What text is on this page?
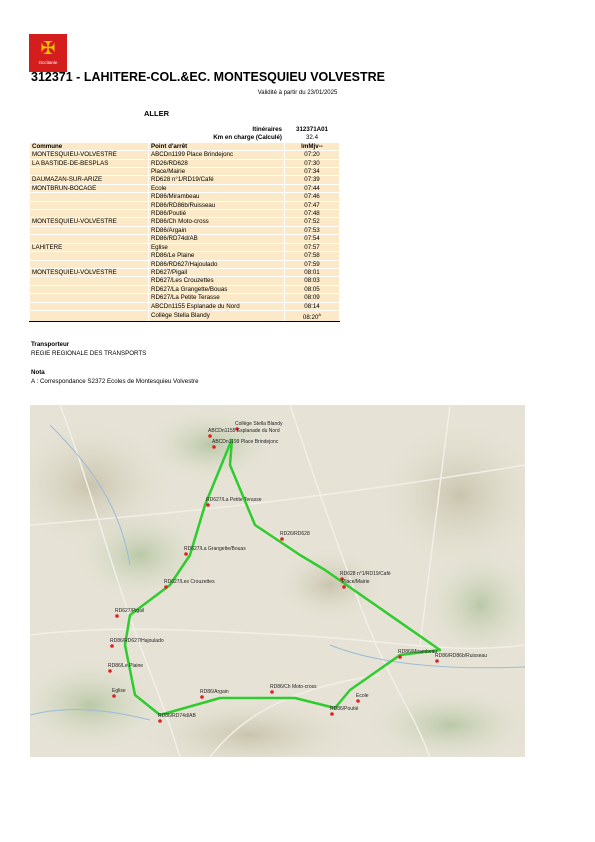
✠
Occitanie
312371 - LAHITERE-COL.&EC. MONTESQUIEU VOLVESTRE
Validité à partir du 23/01/2025
ALLER
	Itinéraires	312371A01
	Km en charge (Calculé)	32.4
Commune	Point d'arrêt	lmMjv--
MONTESQUIEU-VOLVESTRE	ABCDn1199 Place Brindejonc	07:20
LA BASTIDE-DE-BESPLAS	RD26/RD628	07:30
	Place/Mairie	07:34
DAUMAZAN-SUR-ARIZE	RD628 n°1/RD19/Café	07:39
MONTBRUN-BOCAGE	Ecole	07:44
	RD86/Mirambeau	07:46
	RD86/RD86b/Ruisseau	07:47
	RD86/Poutié	07:48
MONTESQUIEU-VOLVESTRE	RD86/Ch Moto-cross	07:52
	RD86/Argain	07:53
	RD86/RD74d/AB	07:54
LAHITERE	Eglise	07:57
	RD86/Le Plaine	07:58
	RD86/RD627/Hajoulado	07:59
MONTESQUIEU-VOLVESTRE	RD627/Pigail	08:01
	RD627/Les Crouzettes	08:03
	RD627/La Grangette/Bouas	08:05
	RD627/La Petite Terasse	08:09
	ABCDn1155 Esplanade du Nord	08:14
	Collège Stella Blandy	$08:20^A$
Transporteur
REGIE REGIONALE DES TRANSPORTS
Nota
A : Correspondance S2372 Ecoles de Montesquieu Volvestre
Collège Stella Blandy
ABCDn1155 Esplanade du Nord
ABCDn1199 Place Brindejonc
RD627/La Petite Terasse
RD627/La Grangette/Bouas
RD627/Les Crouzettes
RD627/Pigail
RD86/RD627/Hajoulado
RD86/Le Plaine
Eglise
RD86/RD74d/AB
RD86/Argain
RD86/Ch Moto-cross
RD86/Poutié
Ecole
RD86/Mirambeau
RD86/RD86b/Ruisseau
RD628 n°1/RD19/Café
Place/Mairie
RD26/RD628
